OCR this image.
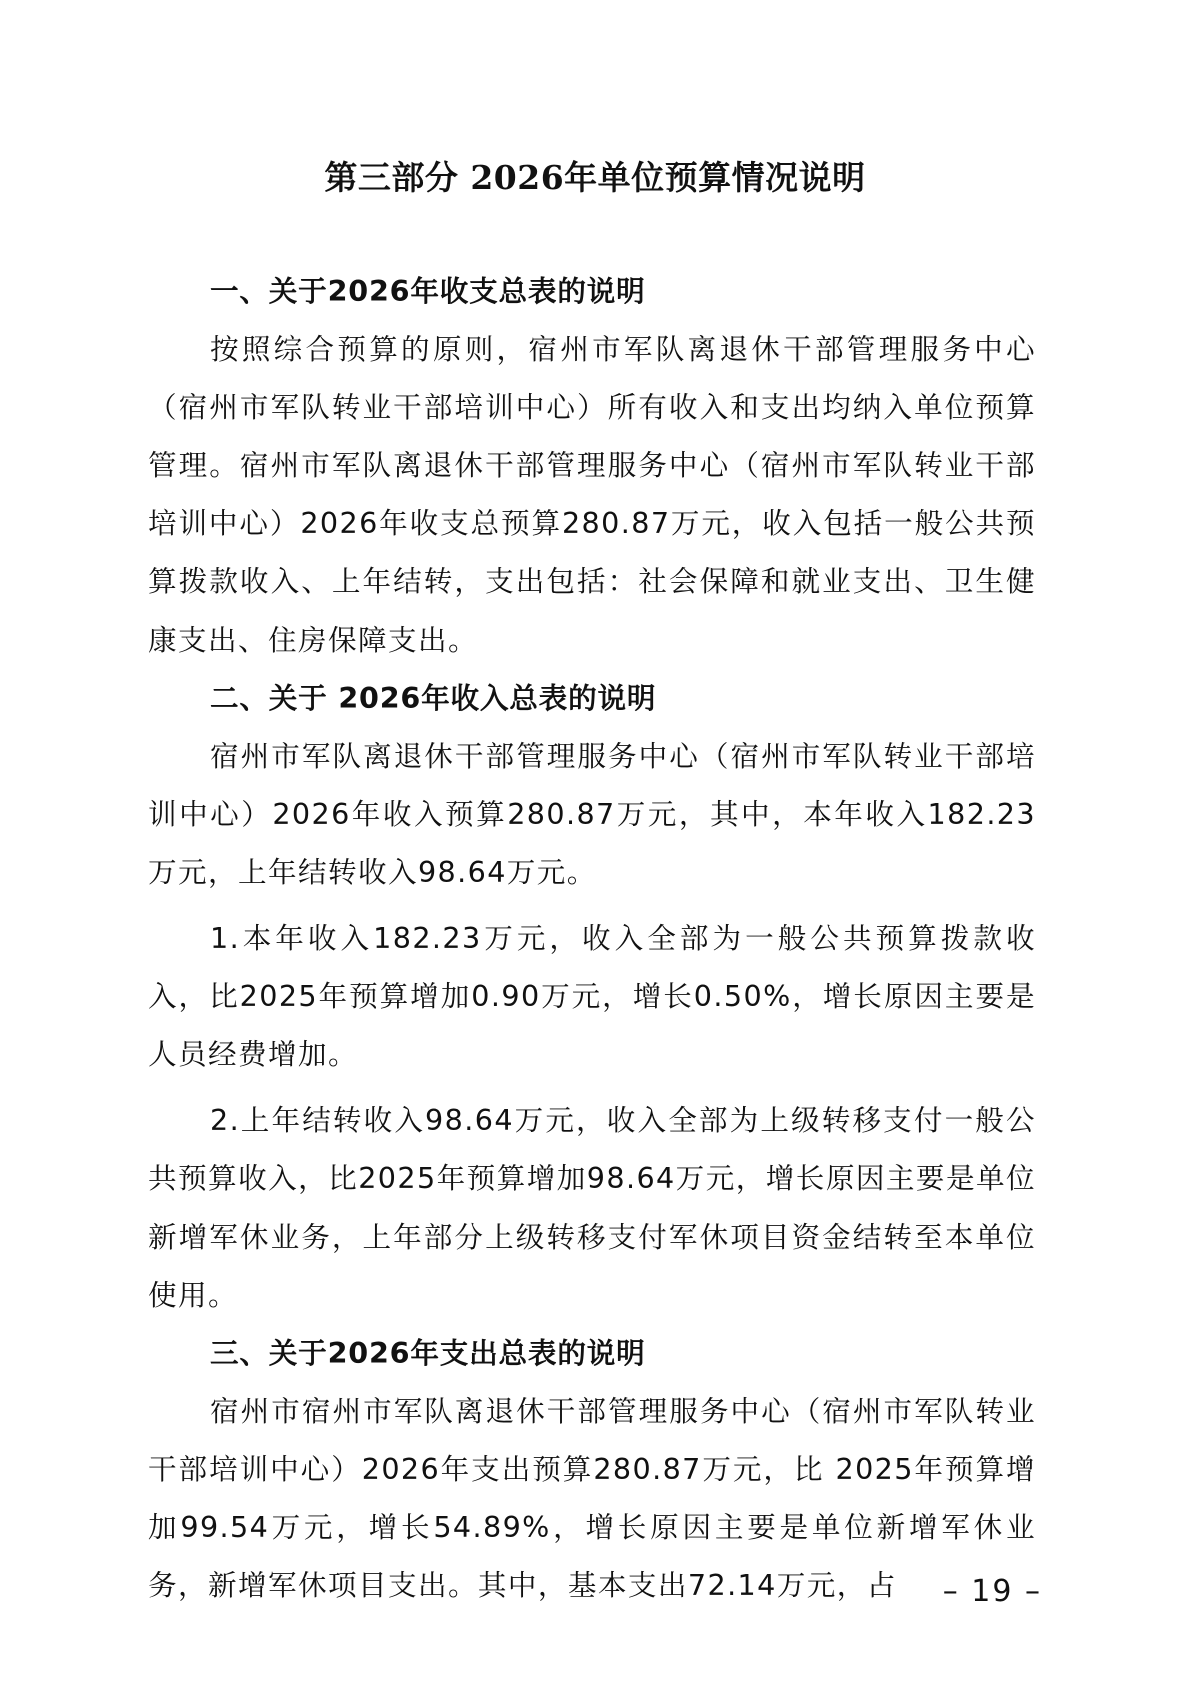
第三部分 2026年单位预算情况说明

一、关于2026年收支总表的说明

按照综合预算的原则，宿州市军队离退休干部管理服务中心（宿州市军队转业干部培训中心）所有收入和支出均纳入单位预算管理。宿州市军队离退休干部管理服务中心（宿州市军队转业干部培训中心）2026年收支总预算280.87万元，收入包括一般公共预算拨款收入、上年结转，支出包括：社会保障和就业支出、卫生健康支出、住房保障支出。

二、关于 2026年收入总表的说明

宿州市军队离退休干部管理服务中心（宿州市军队转业干部培训中心）2026年收入预算280.87万元，其中，本年收入182.23万元，上年结转收入98.64万元。

1.本年收入182.23万元，收入全部为一般公共预算拨款收入，比2025年预算增加0.90万元，增长0.50%，增长原因主要是人员经费增加。

2.上年结转收入98.64万元，收入全部为上级转移支付一般公共预算收入，比2025年预算增加98.64万元，增长原因主要是单位新增军休业务，上年部分上级转移支付军休项目资金结转至本单位使用。

三、关于2026年支出总表的说明

宿州市宿州市军队离退休干部管理服务中心（宿州市军队转业干部培训中心）2026年支出预算280.87万元，比 2025年预算增加99.54万元，增长54.89%，增长原因主要是单位新增军休业务，新增军休项目支出。其中，基本支出72.14万元，占	– 19 –
